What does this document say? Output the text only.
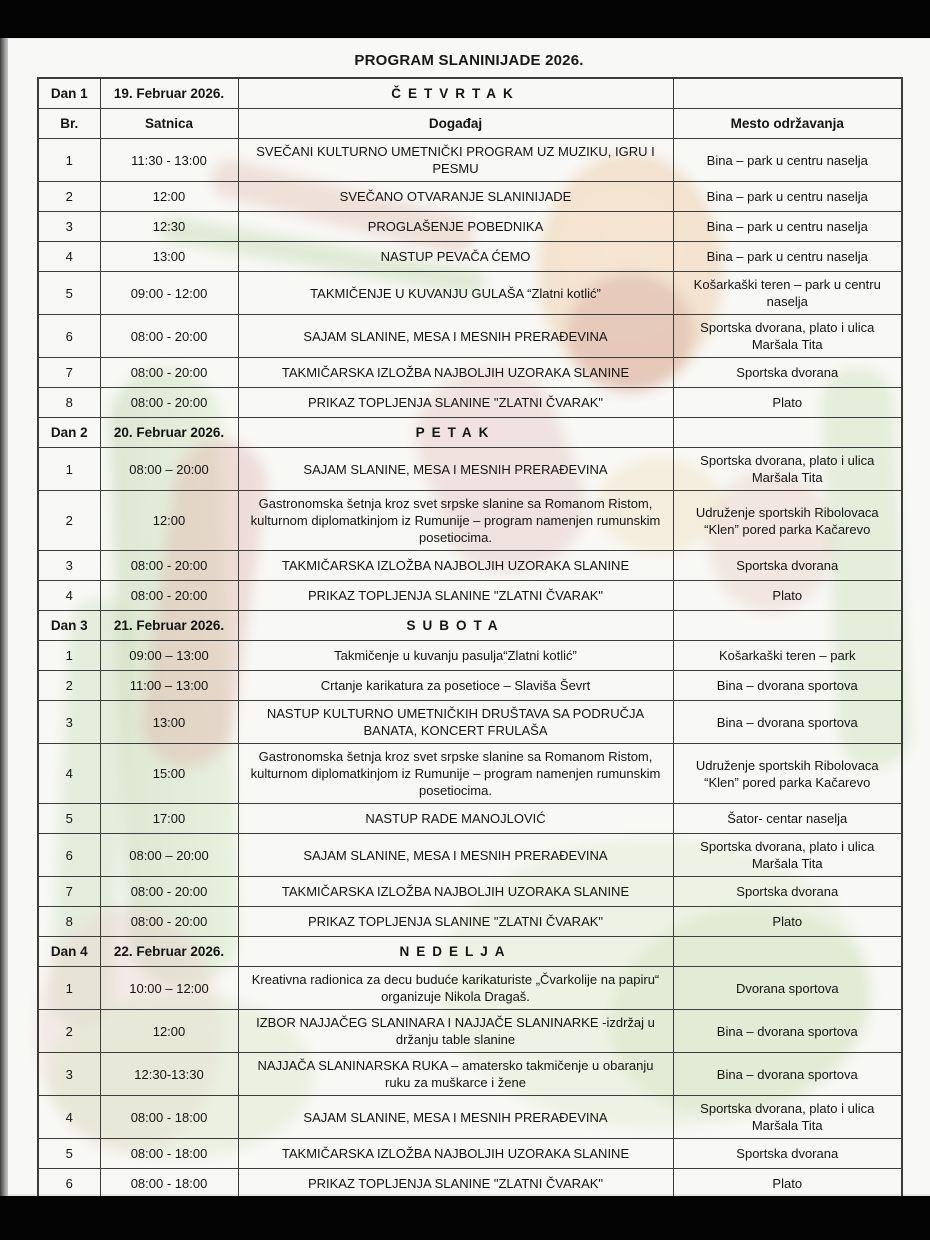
PROGRAM SLANINIJADE 2026.
Dan 1	19. Februar 2026.	ČETVRTAK	
Br.	Satnica	Događaj	Mesto održavanja
1	11:30 - 13:00	SVEČANI KULTURNO UMETNIČKI PROGRAM UZ MUZIKU, IGRU I PESMU	Bina – park u centru naselja
2	12:00	SVEČANO OTVARANJE SLANINIJADE	Bina – park u centru naselja
3	12:30	PROGLAŠENJE POBEDNIKA	Bina – park u centru naselja
4	13:00	NASTUP PEVAČA ĆEMO	Bina – park u centru naselja
5	09:00 - 12:00	TAKMIČENJE U KUVANJU GULAŠA “Zlatni kotlić”	Košarkaški teren – park u centru naselja
6	08:00 - 20:00	SAJAM SLANINE, MESA I MESNIH PRERAĐEVINA	Sportska dvorana, plato i ulica Maršala Tita
7	08:00 - 20:00	TAKMIČARSKA IZLOŽBA NAJBOLJIH UZORAKA SLANINE	Sportska dvorana
8	08:00 - 20:00	PRIKAZ TOPLJENJA SLANINE "ZLATNI ČVARAK"	Plato
Dan 2	20. Februar 2026.	PETAK	
1	08:00 – 20:00	SAJAM SLANINE, MESA I MESNIH PRERAĐEVINA	Sportska dvorana, plato i ulica Maršala Tita
2	12:00	Gastronomska šetnja kroz svet srpske slanine sa Romanom Ristom, kulturnom diplomatkinjom iz Rumunije – program namenjen rumunskim posetiocima.	Udruženje sportskih Ribolovaca “Klen” pored parka Kačarevo
3	08:00 - 20:00	TAKMIČARSKA IZLOŽBA NAJBOLJIH UZORAKA SLANINE	Sportska dvorana
4	08:00 - 20:00	PRIKAZ TOPLJENJA SLANINE "ZLATNI ČVARAK"	Plato
Dan 3	21. Februar 2026.	SUBOTA	
1	09:00 – 13:00	Takmičenje u kuvanju pasulja“Zlatni kotlić”	Košarkaški teren – park
2	11:00 – 13:00	Crtanje karikatura za posetioce – Slaviša Ševrt	Bina – dvorana sportova
3	13:00	NASTUP KULTURNO UMETNIČKIH DRUŠTAVA SA PODRUČJA BANATA, KONCERT FRULAŠA	Bina – dvorana sportova
4	15:00	Gastronomska šetnja kroz svet srpske slanine sa Romanom Ristom, kulturnom diplomatkinjom iz Rumunije – program namenjen rumunskim posetiocima.	Udruženje sportskih Ribolovaca “Klen” pored parka Kačarevo
5	17:00	NASTUP RADE MANOJLOVIĆ	Šator- centar naselja
6	08:00 – 20:00	SAJAM SLANINE, MESA I MESNIH PRERAĐEVINA	Sportska dvorana, plato i ulica Maršala Tita
7	08:00 - 20:00	TAKMIČARSKA IZLOŽBA NAJBOLJIH UZORAKA SLANINE	Sportska dvorana
8	08:00 - 20:00	PRIKAZ TOPLJENJA SLANINE "ZLATNI ČVARAK"	Plato
Dan 4	22. Februar 2026.	NEDELJA	
1	10:00 – 12:00	Kreativna radionica za decu buduće karikaturiste „Čvarkolije na papiru“ organizuje Nikola Dragaš.	Dvorana sportova
2	12:00	IZBOR NAJJAČEG SLANINARA I NAJJAČE SLANINARKE -izdržaj u držanju table slanine	Bina – dvorana sportova
3	12:30-13:30	NAJJAČA SLANINARSKA RUKA – amatersko takmičenje u obaranju ruku za muškarce i žene	Bina – dvorana sportova
4	08:00 - 18:00	SAJAM SLANINE, MESA I MESNIH PRERAĐEVINA	Sportska dvorana, plato i ulica Maršala Tita
5	08:00 - 18:00	TAKMIČARSKA IZLOŽBA NAJBOLJIH UZORAKA SLANINE	Sportska dvorana
6	08:00 - 18:00	PRIKAZ TOPLJENJA SLANINE "ZLATNI ČVARAK"	Plato
